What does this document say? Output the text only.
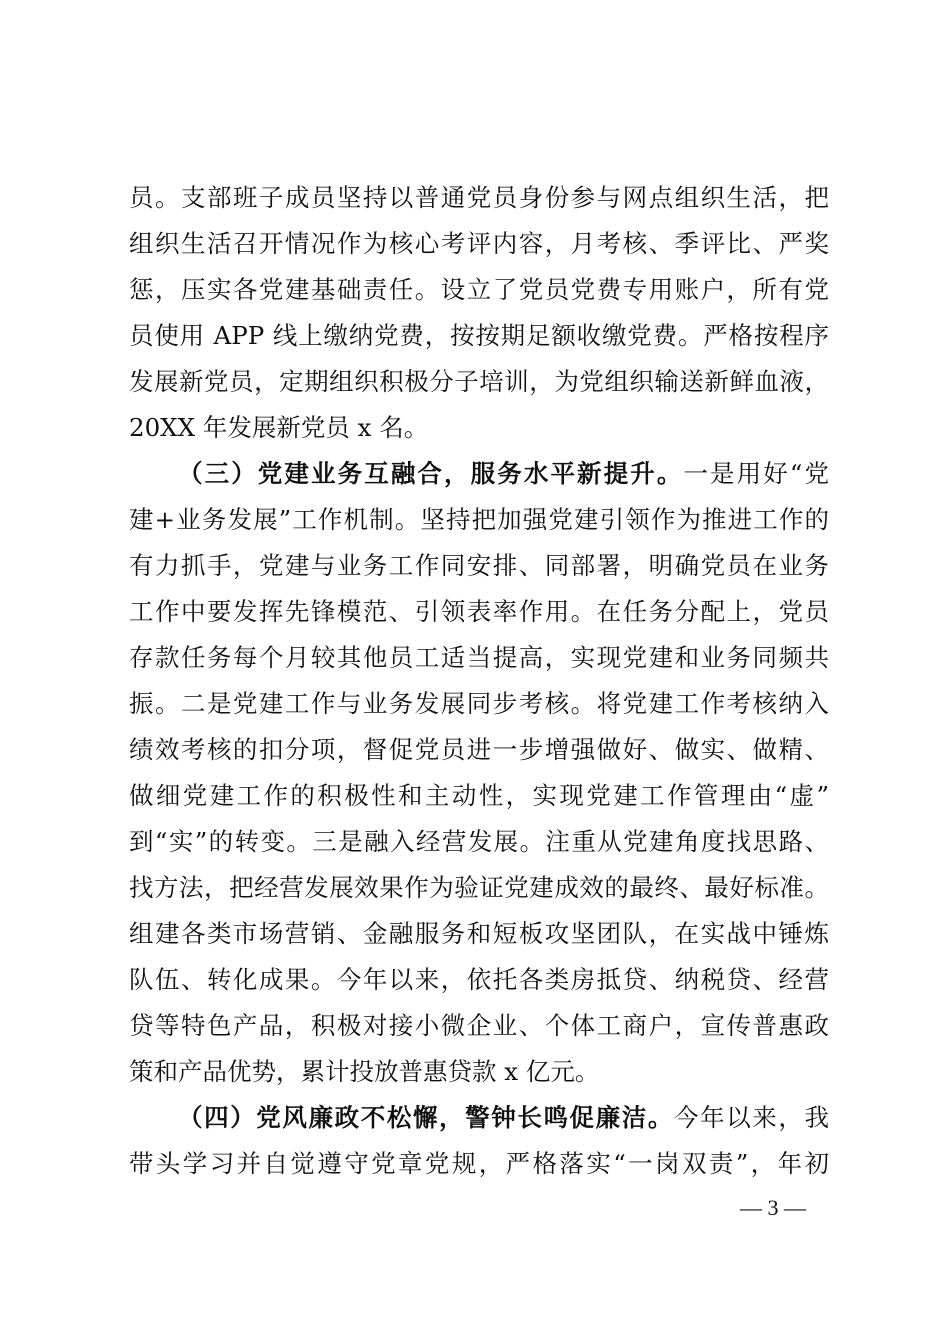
员。支部班子成员坚持以普通党员身份参与网点组织生活，把
组织生活召开情况作为核心考评内容，月考核、季评比、严奖
惩，压实各党建基础责任。设立了党员党费专用账户，所有党
员使用 APP 线上缴纳党费，按按期足额收缴党费。严格按程序
发展新党员，定期组织积极分子培训，为党组织输送新鲜血液，
20XX 年发展新党员 x 名。
（三）党建业务互融合，服务水平新提升。一是用好“党
建+业务发展”工作机制。坚持把加强党建引领作为推进工作的
有力抓手，党建与业务工作同安排、同部署，明确党员在业务
工作中要发挥先锋模范、引领表率作用。在任务分配上，党员
存款任务每个月较其他员工适当提高，实现党建和业务同频共
振。二是党建工作与业务发展同步考核。将党建工作考核纳入
绩效考核的扣分项，督促党员进一步增强做好、做实、做精、
做细党建工作的积极性和主动性，实现党建工作管理由“虚”
到“实”的转变。三是融入经营发展。注重从党建角度找思路、
找方法，把经营发展效果作为验证党建成效的最终、最好标准。
组建各类市场营销、金融服务和短板攻坚团队，在实战中锤炼
队伍、转化成果。今年以来，依托各类房抵贷、纳税贷、经营
贷等特色产品，积极对接小微企业、个体工商户，宣传普惠政
策和产品优势，累计投放普惠贷款 x 亿元。
（四）党风廉政不松懈，警钟长鸣促廉洁。今年以来，我
带头学习并自觉遵守党章党规，严格落实“一岗双责”，年初
— 3 —
